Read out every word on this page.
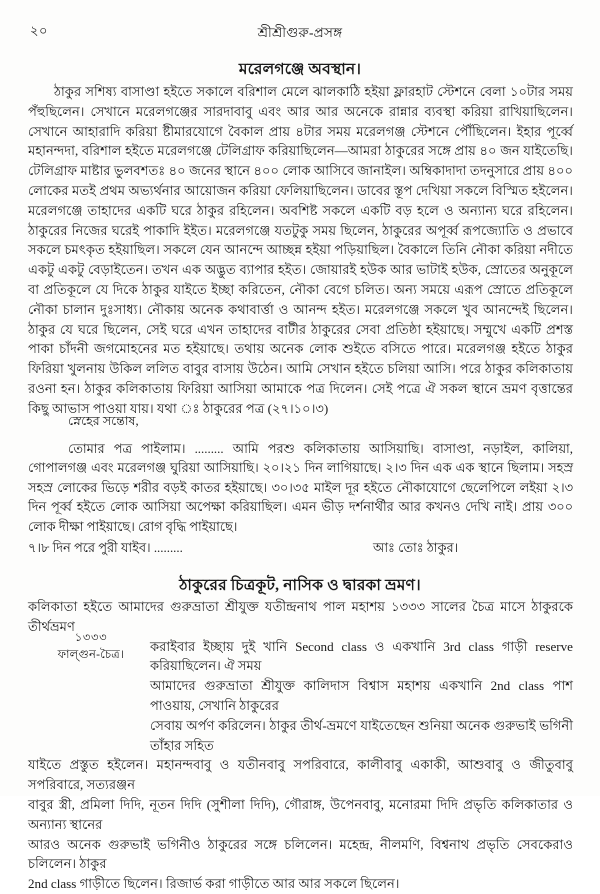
২০	শ্রীশ্রীগুরু-প্রসঙ্গ
মরেলগঞ্জে অবস্থান।
ঠাকুর সশিষ্য বাসাণ্ডা হইতে সকালে বরিশাল মেলে ঝালকাঠি হইয়া ফ্লারহাট স্টেশনে বেলা ১০টার সময় পঁহুছিলেন। সেখানে মরেলগঞ্জের সারদাবাবু এবং আর আর অনেকে রান্নার ব্যবস্থা করিয়া রাখিয়াছিলেন। সেখানে আহারাদি করিয়া ষ্টীমারযোগে বৈকাল প্রায় ৪টার সময় মরেলগঞ্জ স্টেশনে পৌঁছিলেন। ইহার পূর্ব্বে মহানন্দদা, বরিশাল হইতে মরেলগঞ্জে টেলিগ্রাফ করিয়াছিলেন—আমরা ঠাকুরের সঙ্গে প্রায় ৪০ জন যাইতেছি। টেলিগ্রাফ মাষ্টার ভুলবশতঃ ৪০ জনের স্থানে ৪০০ লোক আসিবে জানাইল। অম্বিকাদাদা তদনুসারে প্রায় ৪০০ লোকের মতই প্রথম অভ্যর্থনার আয়োজন করিয়া ফেলিয়াছিলেন। ডাবের স্তূপ দেখিয়া সকলে বিস্মিত হইলেন। মরেলগঞ্জে তাহাদের একটি ঘরে ঠাকুর রহিলেন। অবশিষ্ট সকলে একটি বড় হলে ও অন্যান্য ঘরে রহিলেন। ঠাকুরের নিজের ঘরেই পাকাদি ইইত। মরেলগঞ্জে যতটুকু সময় ছিলেন, ঠাকুরের অপূর্ব্ব রূপজ্যোতি ও প্রভাবে সকলে চমৎকৃত হইয়াছিল। সকলে যেন আনন্দে আচ্ছন্ন হইয়া পড়িয়াছিল। বৈকালে তিনি নৌকা করিয়া নদীতে একটু একটু বেড়াইতেন। তখন এক অদ্ভুত ব্যাপার হইত। জোয়ারই হউক আর ভাটাই হউক, স্রোতের অনুকূলে বা প্রতিকূলে যে দিকে ঠাকুর যাইতে ইচ্ছা করিতেন, নৌকা বেগে চলিত। অন্য সময়ে এরূপ স্রোতে প্রতিকূলে নৌকা চালান দুঃসাধ্য। নৌকায় অনেক কথাবার্ত্তা ও আনন্দ হইত। মরেলগঞ্জে সকলে খুব আনন্দেই ছিলেন। ঠাকুর যে ঘরে ছিলেন, সেই ঘরে এখন তাহাদের বাটীর ঠাকুরের সেবা প্রতিষ্ঠা হইয়াছে। সম্মুখে একটি প্রশস্ত পাকা চাঁদনী জগমোহনের মত হইয়াছে। তথায় অনেক লোক শুইতে বসিতে পারে। মরেলগঞ্জ হইতে ঠাকুর ফিরিয়া খুলনায় উকিল ললিত বাবুর বাসায় উঠেন। আমি সেখান হইতে চলিয়া আসি। পরে ঠাকুর কলিকাতায় রওনা হন। ঠাকুর কলিকাতায় ফিরিয়া আসিয়া আমাকে পত্র দিলেন। সেই পত্রে ঐ সকল স্থানে ভ্রমণ বৃত্তান্তের কিছু আভাস পাওয়া যায়। যথা ঃ ঠাকুরের পত্র (২৭।১০।৩)
স্নেহের সন্তোষ,
তোমার পত্র পাইলাম। ......... আমি পরশু কলিকাতায় আসিয়াছি। বাসাণ্ডা, নড়াইল, কালিয়া, গোপালগঞ্জ এবং মরেলগঞ্জ ঘুরিয়া আসিয়াছি। ২০।২১ দিন লাগিয়াছে। ২।৩ দিন এক এক স্থানে ছিলাম। সহস্র সহস্র লোকের ভিড়ে শরীর বড়ই কাতর হইয়াছে। ৩০।৩৫ মাইল দূর হইতে নৌকাযোগে ছেলেপিলে লইয়া ২।৩ দিন পূর্ব্ব হইতে লোক আসিয়া অপেক্ষা করিয়াছিল। এমন ভীড় দর্শনার্থীর আর কখনও দেখি নাই। প্রায় ৩০০ লোক দীক্ষা পাইয়াছে। রোগ বৃদ্ধি পাইয়াছে।
৭।৮ দিন পরে পুরী যাইব। .........	আঃ তোঃ ঠাকুর।
ঠাকুরের চিত্রকূট, নাসিক ও দ্বারকা ভ্রমণ।
১৩৩৩
ফাল্গুন-চৈত্র।
কলিকাতা হইতে আমাদের গুরুভ্রাতা শ্রীযুক্ত যতীন্দ্রনাথ পাল মহাশয় ১৩৩৩ সালের চৈত্র মাসে ঠাকুরকে তীর্থভ্রমণ
করাইবার ইচ্ছায় দুই খানি Second class ও একখানি 3rd class গাড়ী reserve করিয়াছিলেন। ঐ সময়
আমাদের গুরুভ্রাতা শ্রীযুক্ত কালিদাস বিশ্বাস মহাশয় একখানি 2nd class পাশ পাওয়ায়, সেখানি ঠাকুরের
সেবায় অর্পণ করিলেন। ঠাকুর তীর্থ-ভ্রমণে যাইতেছেন শুনিয়া অনেক গুরুভাই ভগিনী তাঁহার সহিত
যাইতে প্রস্তুত হইলেন। মহানন্দবাবু ও যতীনবাবু সপরিবারে, কালীবাবু একাকী, আশুবাবু ও জীতুবাবু সপরিবারে, সত্যরঞ্জন
বাবুর স্ত্রী, প্রমিলা দিদি, নূতন দিদি (সুশীলা দিদি), গৌরাঙ্গ, উপেনবাবু, মনোরমা দিদি প্রভৃতি কলিকাতার ও অন্যান্য স্থানের
আরও অনেক গুরুভাই ভগিনীও ঠাকুরের সঙ্গে চলিলেন। মহেন্দ্র, নীলমণি, বিশ্বনাথ প্রভৃতি সেবকেরাও চলিলেন। ঠাকুর
2nd class গাড়ীতে ছিলেন। রিজার্ভ করা গাড়ীতে আর আর সকলে ছিলেন।
